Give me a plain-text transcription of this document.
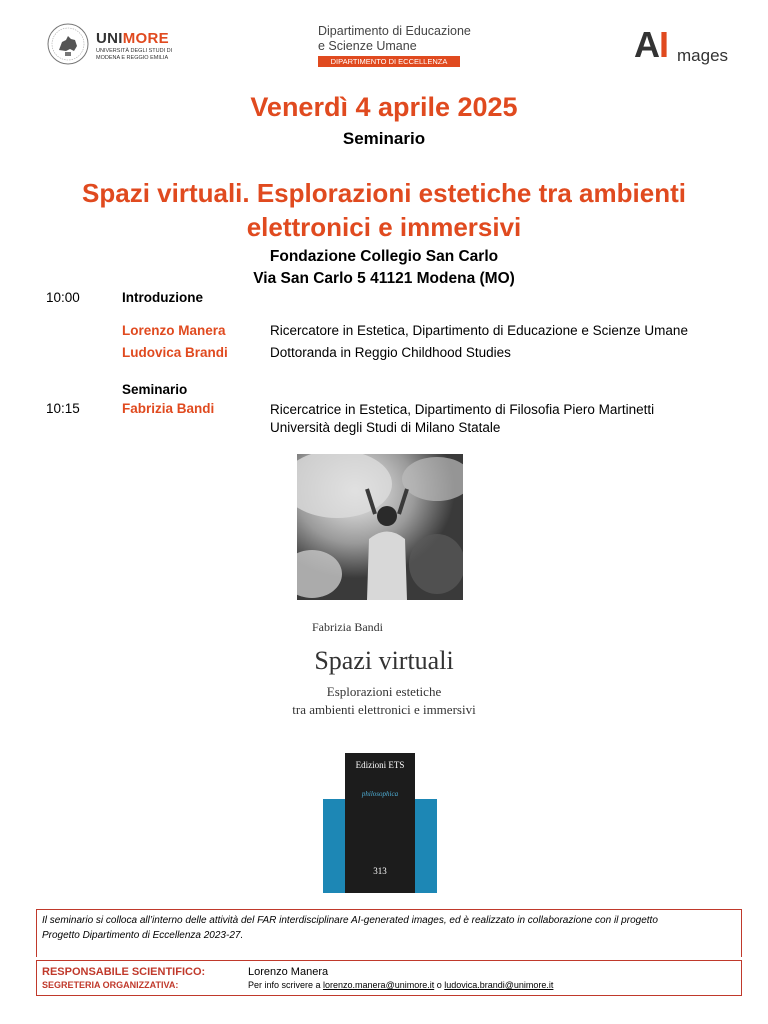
UNIMORE
UNIVERSITÀ DEGLI STUDI DI
MODENA E REGGIO EMILIA
Dipartimento di Educazione
e Scienze Umane
DIPARTIMENTO DI ECCELLENZA	AI mages
Venerdì 4 aprile 2025
Seminario
Spazi virtuali. Esplorazioni estetiche tra ambienti
elettronici e immersivi
Fondazione Collegio San Carlo
Via San Carlo 5 41121 Modena (MO)
10:00	Introduzione
Lorenzo Manera	Ricercatore in Estetica, Dipartimento di Educazione e Scienze Umane
Ludovica Brandi	Dottoranda in Reggio Childhood Studies
Seminario
10:15	Fabrizia Bandi	Ricercatrice in Estetica, Dipartimento di Filosofia Piero Martinetti
Università degli Studi di Milano Statale
Fabrizia Bandi
Spazi virtuali
Esplorazioni estetiche
tra ambienti elettronici e immersivi
Edizioni ETS
philosophica
313
Il seminario si colloca all’interno delle attività del FAR interdisciplinare AI-generated images, ed è realizzato in collaborazione con il progetto
Progetto Dipartimento di Eccellenza 2023-27.
RESPONSABILE SCIENTIFICO:	Lorenzo Manera
SEGRETERIA ORGANIZZATIVA:	Per info scrivere a lorenzo.manera@unimore.it o ludovica.brandi@unimore.it
